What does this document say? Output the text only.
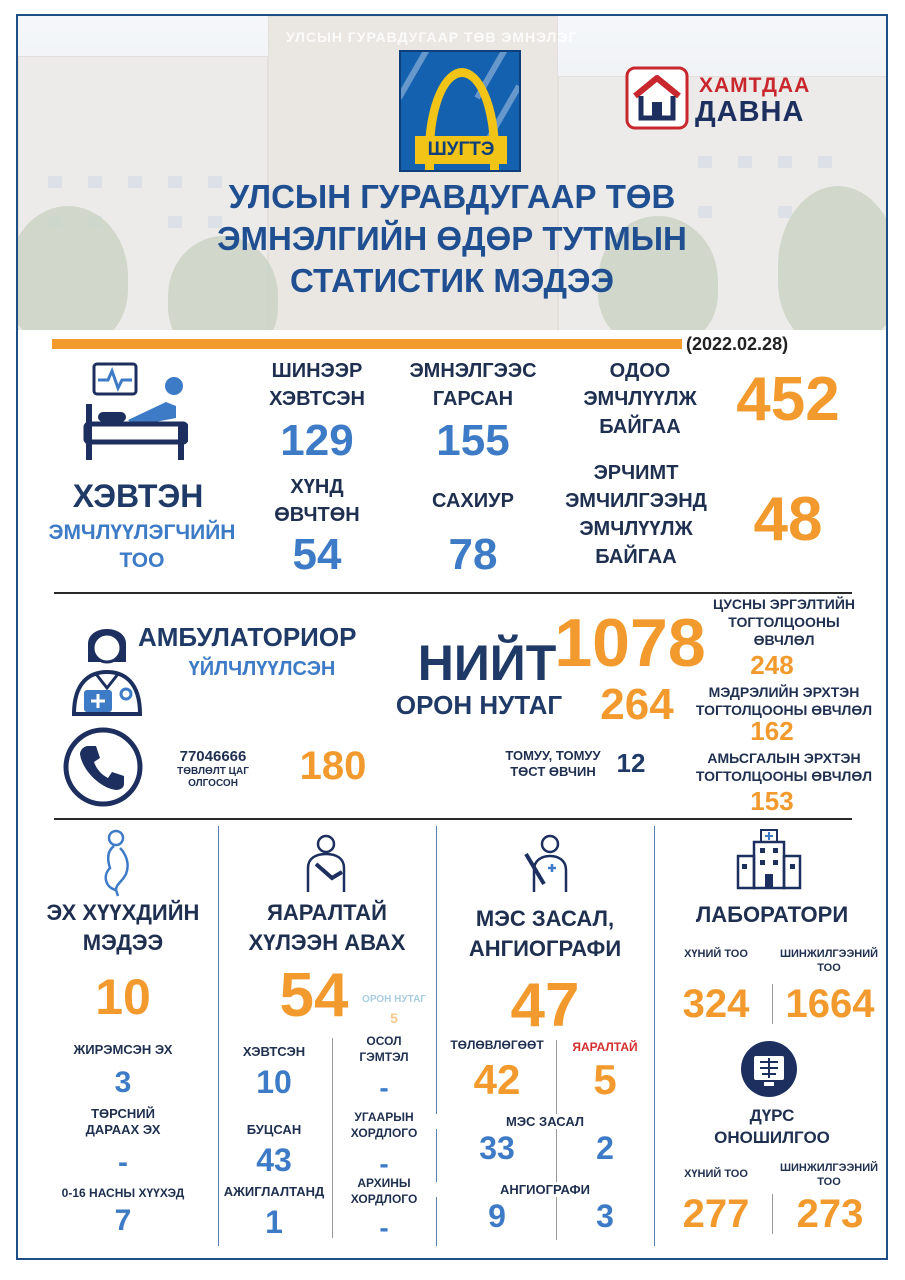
УЛСЫН ГУРАВДУГААР ТӨВ ЭМНЭЛЭГ
ШУГТЭ
ХАМТДАА
ДАВНА
УЛСЫН ГУРАВДУГААР ТӨВ
ЭМНЭЛГИЙН ӨДӨР ТУТМЫН
СТАТИСТИК МЭДЭЭ
(2022.02.28)
ХЭВТЭН
ЭМЧЛҮҮЛЭГЧИЙН
ТОО
ШИНЭЭР
ХЭВТСЭН
129
ЭМНЭЛГЭЭС
ГАРСАН
155
ОДОО
ЭМЧЛҮҮЛЖ
БАЙГАА 452
ХҮНД
ӨВЧТӨН
54
САХИУР
78
ЭРЧИМТ
ЭМЧИЛГЭЭНД
ЭМЧЛҮҮЛЖ
БАЙГАА
48
АМБУЛАТОРИОР
ҮЙЛЧЛҮҮЛСЭН	НИЙТ
1078
ОРОН НУТАГ 264
ЦУСНЫ ЭРГЭЛТИЙН
ТОГТОЛЦООНЫ
ӨВЧЛӨЛ
248
МЭДРЭЛИЙН ЭРХТЭН
ТОГТОЛЦООНЫ ӨВЧЛӨЛ
162
АМЬСГАЛЫН ЭРХТЭН
ТОГТОЛЦООНЫ ӨВЧЛӨЛ
153
77046666
ТӨВЛӨЛТ ЦАГ
ОЛГОСОН	180	ТОМУУ, ТОМУУ
ТӨСТ ӨВЧИН 12
ЭХ ХҮҮХДИЙН
МЭДЭЭ
10
ЖИРЭМСЭН ЭХ
3
ТӨРСНИЙ
ДАРААХ ЭХ
-
0-16 НАСНЫ ХҮҮХЭД
7
ЯАРАЛТАЙ
ХҮЛЭЭН АВАХ
54	ОРОН НУТАГ
5
ХЭВТСЭН
10
ОСОЛ
ГЭМТЭЛ
-
БУЦСАН
43
УГААРЫН
ХОРДЛОГО
-
АЖИГЛАЛТАНД
1
АРХИНЫ
ХОРДЛОГО
-
МЭС ЗАСАЛ,
АНГИОГРАФИ
47
ТӨЛӨВЛӨГӨӨТ	ЯАРАЛТАЙ
42	5
МЭС ЗАСАЛ
33	2
АНГИОГРАФИ
9	3
ЛАБОРАТОРИ
ХҮНИЙ ТОО	ШИНЖИЛГЭЭНИЙ
ТОО
324 1664
ДҮРС
ОНОШИЛГОО
ХҮНИЙ ТОО	ШИНЖИЛГЭЭНИЙ
ТОО
277	273
